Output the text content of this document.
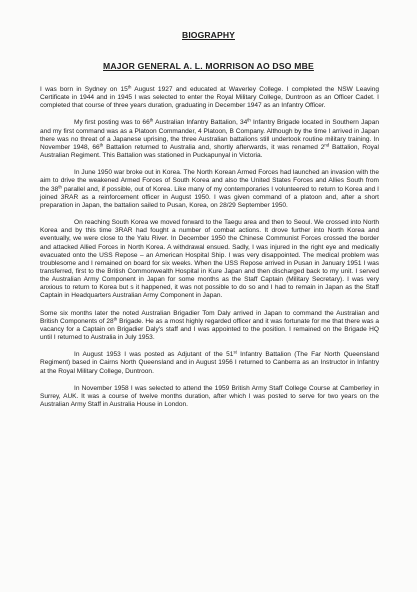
BIOGRAPHY
MAJOR GENERAL A. L. MORRISON AO DSO MBE

I was born in Sydney on 15th August 1927 and educated at Waverley College. I completed the NSW Leaving Certificate in 1944 and in 1945 I was selected to enter the Royal Military College, Duntroon as an Officer Cadet. I completed that course of three years duration, graduating in December 1947 as an Infantry Officer.

My first posting was to 66th Australian Infantry Battalion, 34th Infantry Brigade located in Southern Japan and my first command was as a Platoon Commander, 4 Platoon, B Company. Although by the time I arrived in Japan there was no threat of a Japanese uprising, the three Australian battalions still undertook routine military training. In November 1948, 66th Battalion returned to Australia and, shortly afterwards, it was renamed 2nd Battalion, Royal Australian Regiment. This Battalion was stationed in Puckapunyal in Victoria.

In June 1950 war broke out in Korea. The North Korean Armed Forces had launched an invasion with the aim to drive the weakened Armed Forces of South Korea and also the United States Forces and Allies South from the 38th parallel and, if possible, out of Korea. Like many of my contemporaries I volunteered to return to Korea and I joined 3RAR as a reinforcement officer in August 1950. I was given command of a platoon and, after a short preparation in Japan, the battalion sailed to Pusan, Korea, on 28/29 September 1950.

On reaching South Korea we moved forward to the Taegu area and then to Seoul. We crossed into North Korea and by this time 3RAR had fought a number of combat actions. It drove further into North Korea and eventually, we were close to the Yalu River. In December 1950 the Chinese Communist Forces crossed the border and attacked Allied Forces in North Korea. A withdrawal ensued. Sadly, I was injured in the right eye and medically evacuated onto the USS Repose – an American Hospital Ship. I was very disappointed. The medical problem was troublesome and I remained on board for six weeks. When the USS Repose arrived in Pusan in January 1951 I was transferred, first to the British Commonwealth Hospital in Kure Japan and then discharged back to my unit. I served the Australian Army Component in Japan for some months as the Staff Captain (Military Secretary). I was very anxious to return to Korea but s it happened, it was not possible to do so and I had to remain in Japan as the Staff Captain in Headquarters Australian Army Component in Japan.

Some six months later the noted Australian Brigadier Tom Daly arrived in Japan to command the Australian and British Components of 28th Brigade. He as a most highly regarded officer and it was fortunate for me that there was a vacancy for a Captain on Brigadier Daly's staff and I was appointed to the position. I remained on the Brigade HQ until I returned to Australia in July 1953.

In August 1953 I was posted as Adjutant of the 51st Infantry Battalion (The Far North Queensland Regiment) based in Cairns North Queensland and in August 1956 I returned to Canberra as an Instructor in Infantry at the Royal Military College, Duntroon.

In November 1958 I was selected to attend the 1959 British Army Staff College Course at Camberley in Surrey, AUK. It was a course of twelve months duration, after which I was posted to serve for two years on the Australian Army Staff in Australia House in London.
